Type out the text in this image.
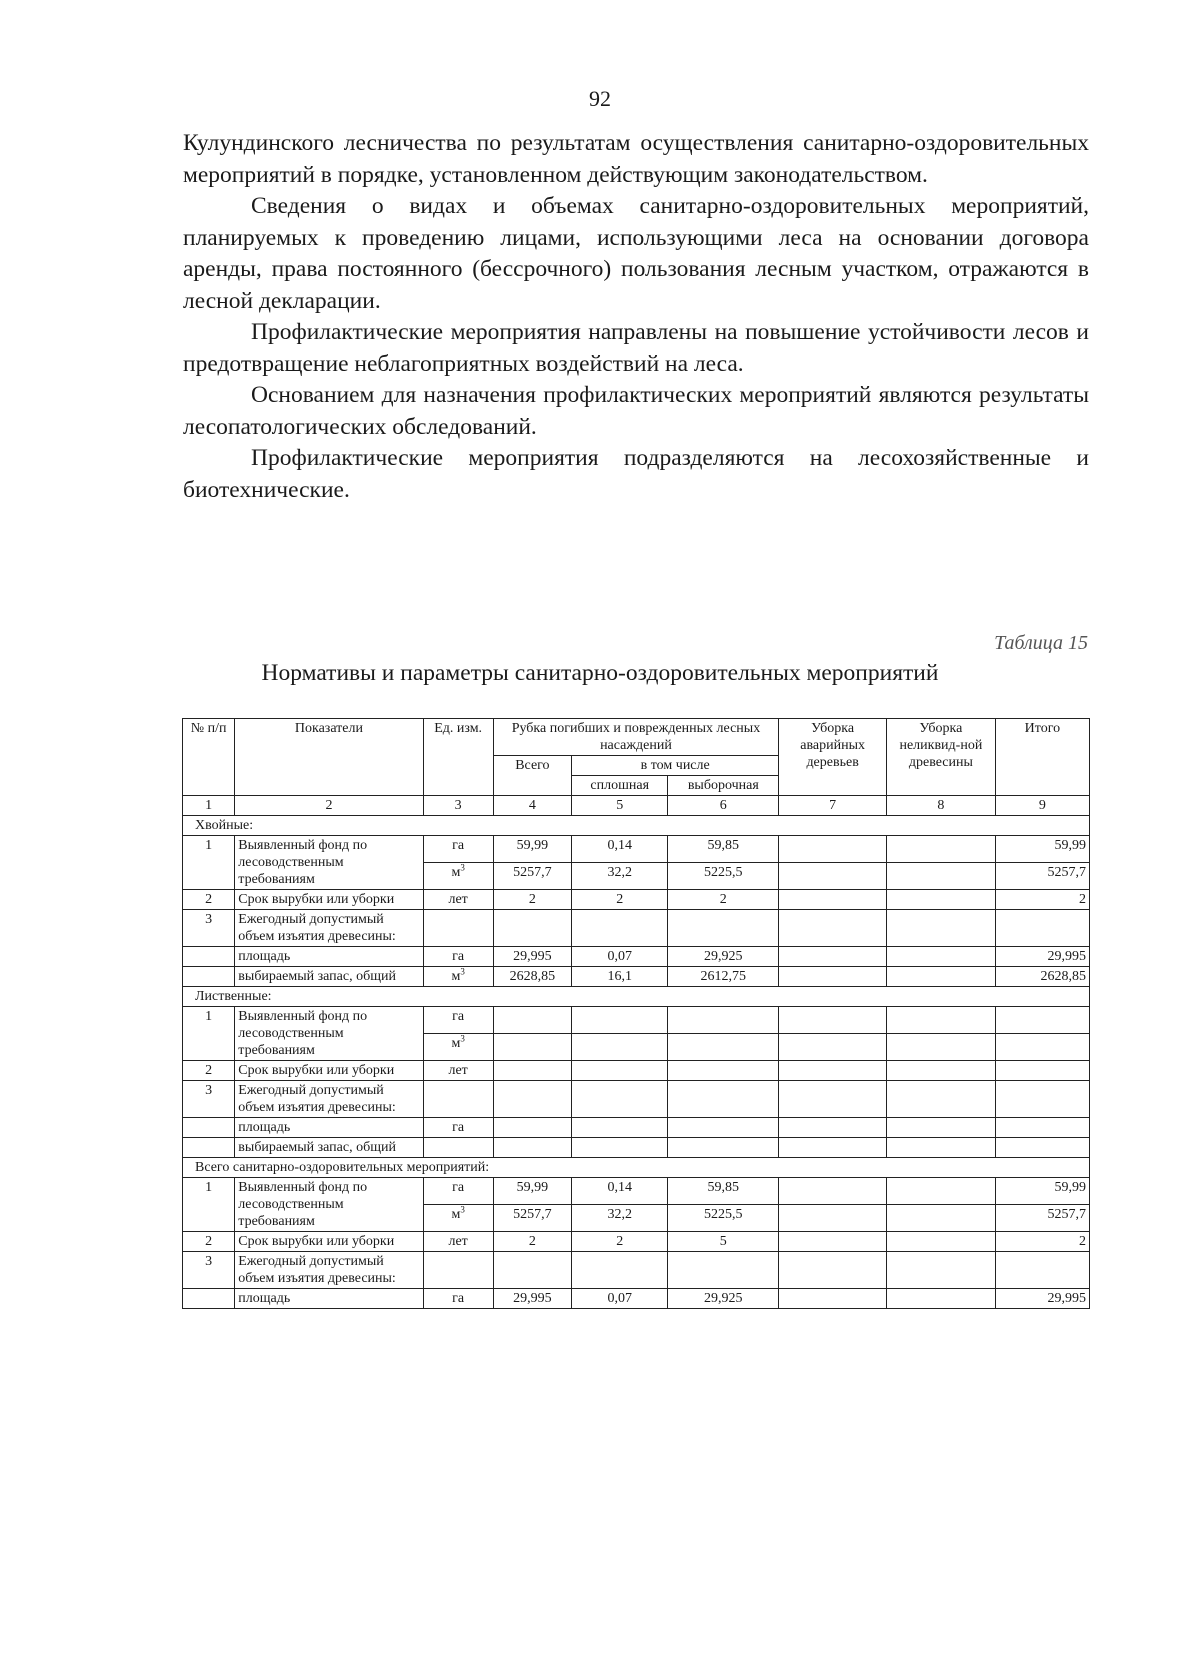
92

Кулундинского лесничества по результатам осуществления санитарно-оздоровительных мероприятий в порядке, установленном действующим законодательством.

Сведения о видах и объемах санитарно-оздоровительных мероприятий, планируемых к проведению лицами, использующими леса на основании договора аренды, права постоянного (бессрочного) пользования лесным участком, отражаются в лесной декларации.

Профилактические мероприятия направлены на повышение устойчивости лесов и предотвращение неблагоприятных воздействий на леса.

Основанием для назначения профилактических мероприятий являются результаты лесопатологических обследований.

Профилактические мероприятия подразделяются на лесохозяйственные и биотехнические.

Таблица 15
Нормативы и параметры санитарно-оздоровительных мероприятий
№ п/п	Показатели	Ед. изм.	Рубка погибших и поврежденных лесных насаждений			Уборка аварийных деревьев	Уборка неликвид-ной древесины	Итого
			Всего	в том числе				
				сплошная	выборочная			
1	2	3	4	5	6	7	8	9
Хвойные:								
1	Выявленный фонд по лесоводственным требованиям	га	59,99	0,14	59,85			59,99
		$м^3$	5257,7	32,2	5225,5			5257,7
2	Срок вырубки или уборки	лет	2	2	2			2
3	Ежегодный допустимый объем изъятия древесины:							
	площадь	га	29,995	0,07	29,925			29,995
	выбираемый запас, общий	$м^3$	2628,85	16,1	2612,75			2628,85
Лиственные:								
1	Выявленный фонд по лесоводственным требованиям	га						
		$м^3$						
2	Срок вырубки или уборки	лет						
3	Ежегодный допустимый объем изъятия древесины:							
	площадь	га						
	выбираемый запас, общий							
Всего санитарно-оздоровительных мероприятий:								
1	Выявленный фонд по лесоводственным требованиям	га	59,99	0,14	59,85			59,99
		$м^3$	5257,7	32,2	5225,5			5257,7
2	Срок вырубки или уборки	лет	2	2	5			2
3	Ежегодный допустимый объем изъятия древесины:							
	площадь	га	29,995	0,07	29,925			29,995
